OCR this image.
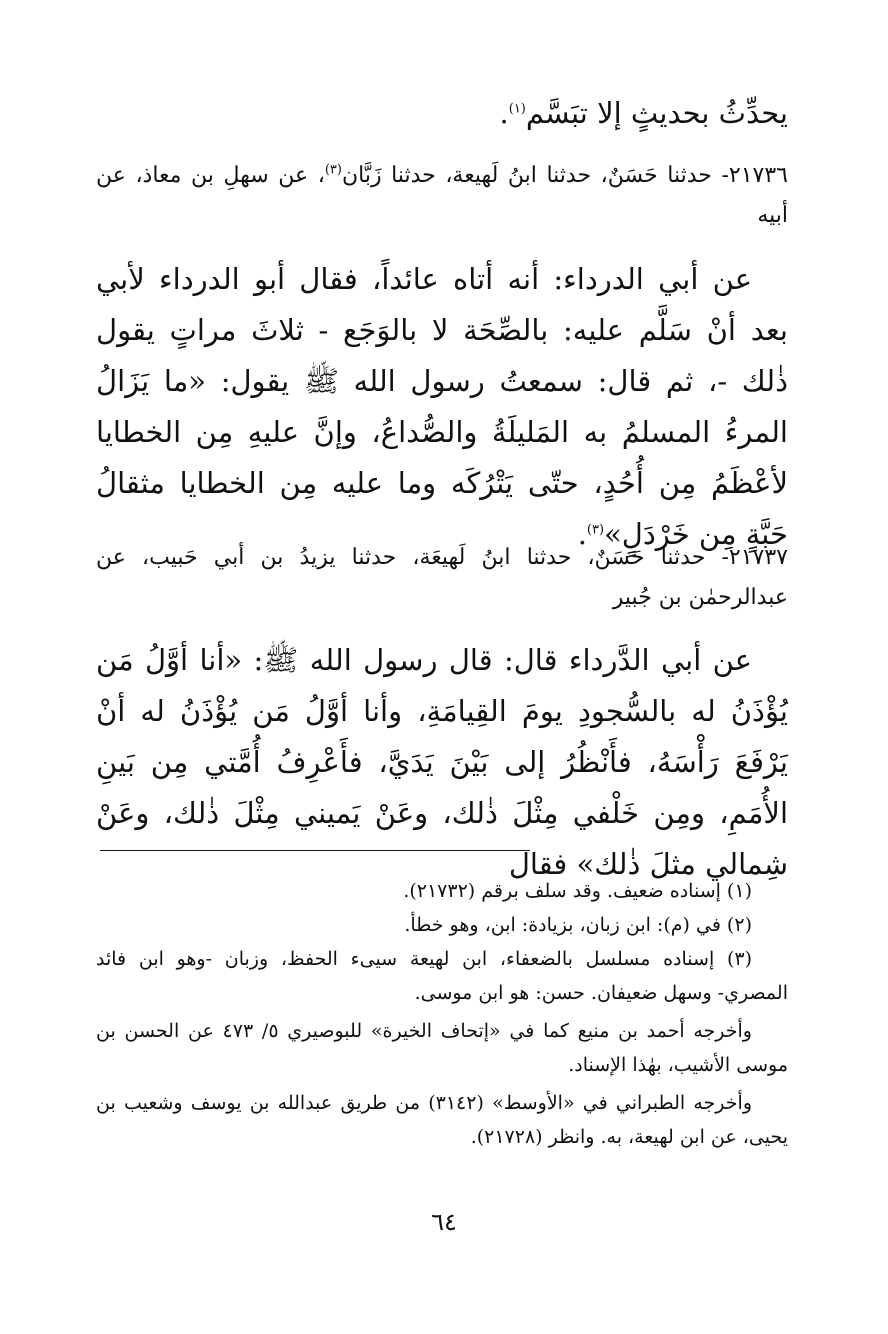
يحدِّثُ بحديثٍ إلا تبَسَّم$^{(١)}$.

٢١٧٣٦- حدثنا حَسَنٌ، حدثنا ابنُ لَهيعة، حدثنا زَبَّان$^{(٣)}$، عن سهلِ بن معاذ، عن أبيه

عن أبي الدرداء: أنه أتاه عائداً، فقال أبو الدرداء لأبي بعد أنْ سَلَّم عليه: بالصِّحَة لا بالوَجَع - ثلاثَ مراتٍ يقول ذٰلك -، ثم قال: سمعتُ رسول الله ﷺ يقول: «ما يَزَالُ المرءُ المسلمُ به المَليلَةُ والصُّداعُ، وإنَّ عليهِ مِن الخطايا لأعْظَمُ مِن أُحُدٍ، حتّى يَتْرُكَه وما عليه مِن الخطايا مثقالُ حَبَّةٍ مِن خَرْدَلٍ»$^{(٣)}$.

٢١٧٣٧- حدثنا حَسَنٌ، حدثنا ابنُ لَهيعَة، حدثنا يزيدُ بن أبي حَبيب، عن عبدالرحمٰن بن جُبير

عن أبي الدَّرداء قال: قال رسول الله ﷺ: «أنا أوَّلُ مَن يُؤْذَنُ له بالسُّجودِ يومَ القِيامَةِ، وأنا أوَّلُ مَن يُؤْذَنُ له أنْ يَرْفَعَ رَأْسَهُ، فأَنْظُرُ إلى بَيْنَ يَدَيَّ، فأَعْرِفُ أُمَّتي مِن بَينِ الأُمَمِ، ومِن خَلْفي مِثْلَ ذٰلك، وعَنْ يَميني مِثْلَ ذٰلك، وعَنْ شِمالي مثلَ ذٰلك» فقال

(١) إسناده ضعيف. وقد سلف برقم (٢١٧٣٢).

(٢) في (م): ابن زبان، بزيادة: ابن، وهو خطأ.

(٣) إسناده مسلسل بالضعفاء، ابن لهيعة سيىء الحفظ، وزبان -وهو ابن فائد المصري- وسهل ضعيفان. حسن: هو ابن موسى.

وأخرجه أحمد بن منيع كما في «إتحاف الخيرة» للبوصيري ٥/ ٤٧٣ عن الحسن بن موسى الأشيب، بهٰذا الإسناد.

وأخرجه الطبراني في «الأوسط» (٣١٤٢) من طريق عبدالله بن يوسف وشعيب بن يحيى، عن ابن لهيعة، به. وانظر (٢١٧٢٨).

٦٤
